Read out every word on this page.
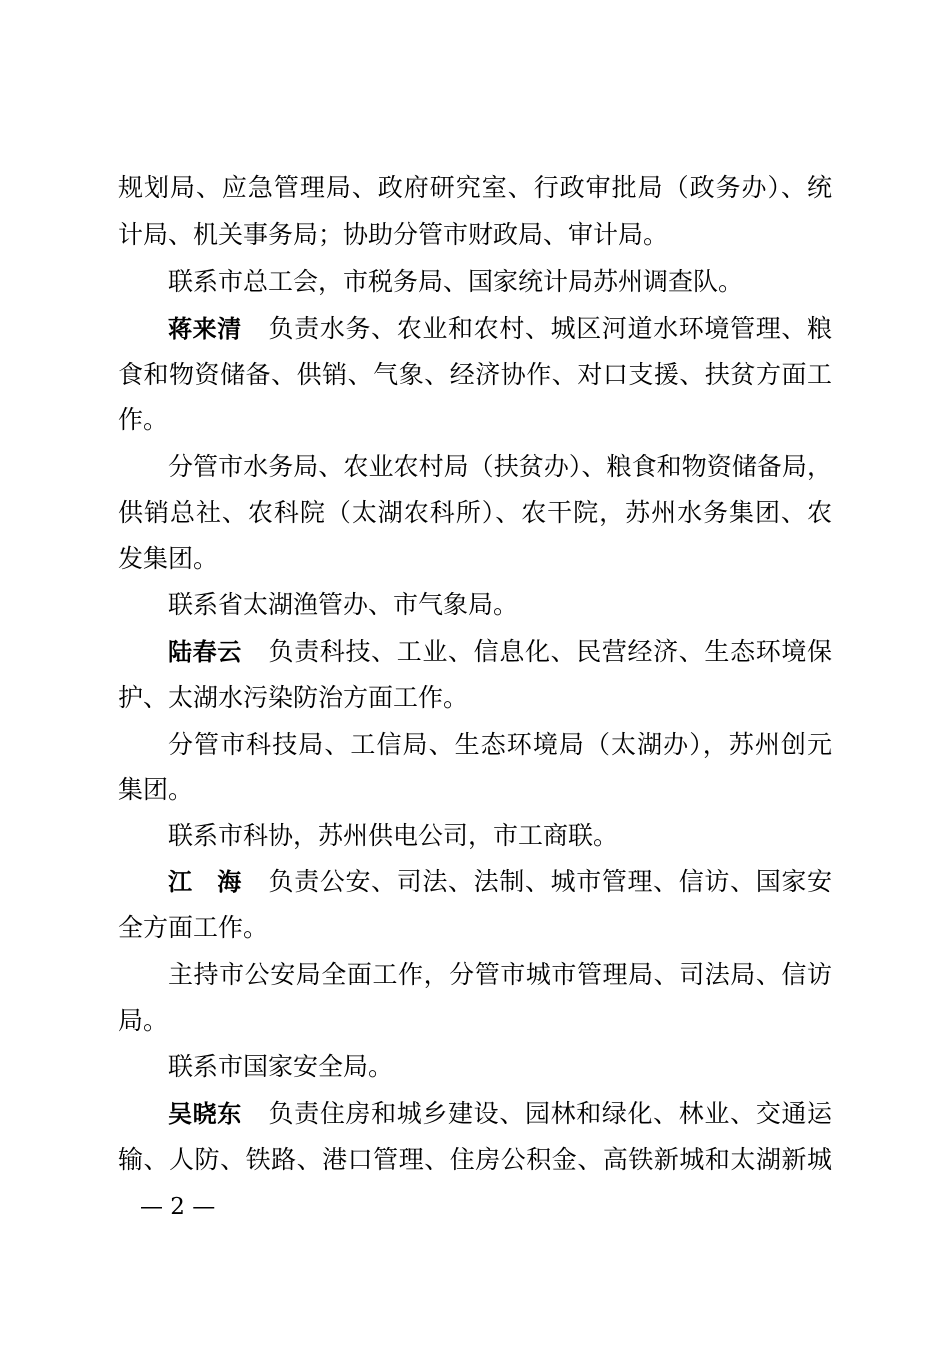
规划局、应急管理局、政府研究室、行政审批局（政务办）、统
计局、机关事务局；协助分管市财政局、审计局。
联系市总工会，市税务局、国家统计局苏州调查队。
蒋来清 负责水务、农业和农村、城区河道水环境管理、粮
食和物资储备、供销、气象、经济协作、对口支援、扶贫方面工
作。
分管市水务局、农业农村局（扶贫办）、粮食和物资储备局，
供销总社、农科院（太湖农科所）、农干院，苏州水务集团、农
发集团。
联系省太湖渔管办、市气象局。
陆春云 负责科技、工业、信息化、民营经济、生态环境保
护、太湖水污染防治方面工作。
分管市科技局、工信局、生态环境局（太湖办），苏州创元
集团。
联系市科协，苏州供电公司，市工商联。
江　海 负责公安、司法、法制、城市管理、信访、国家安
全方面工作。
主持市公安局全面工作，分管市城市管理局、司法局、信访
局。
联系市国家安全局。
吴晓东 负责住房和城乡建设、园林和绿化、林业、交通运
输、人防、铁路、港口管理、住房公积金、高铁新城和太湖新城
— 2 —
